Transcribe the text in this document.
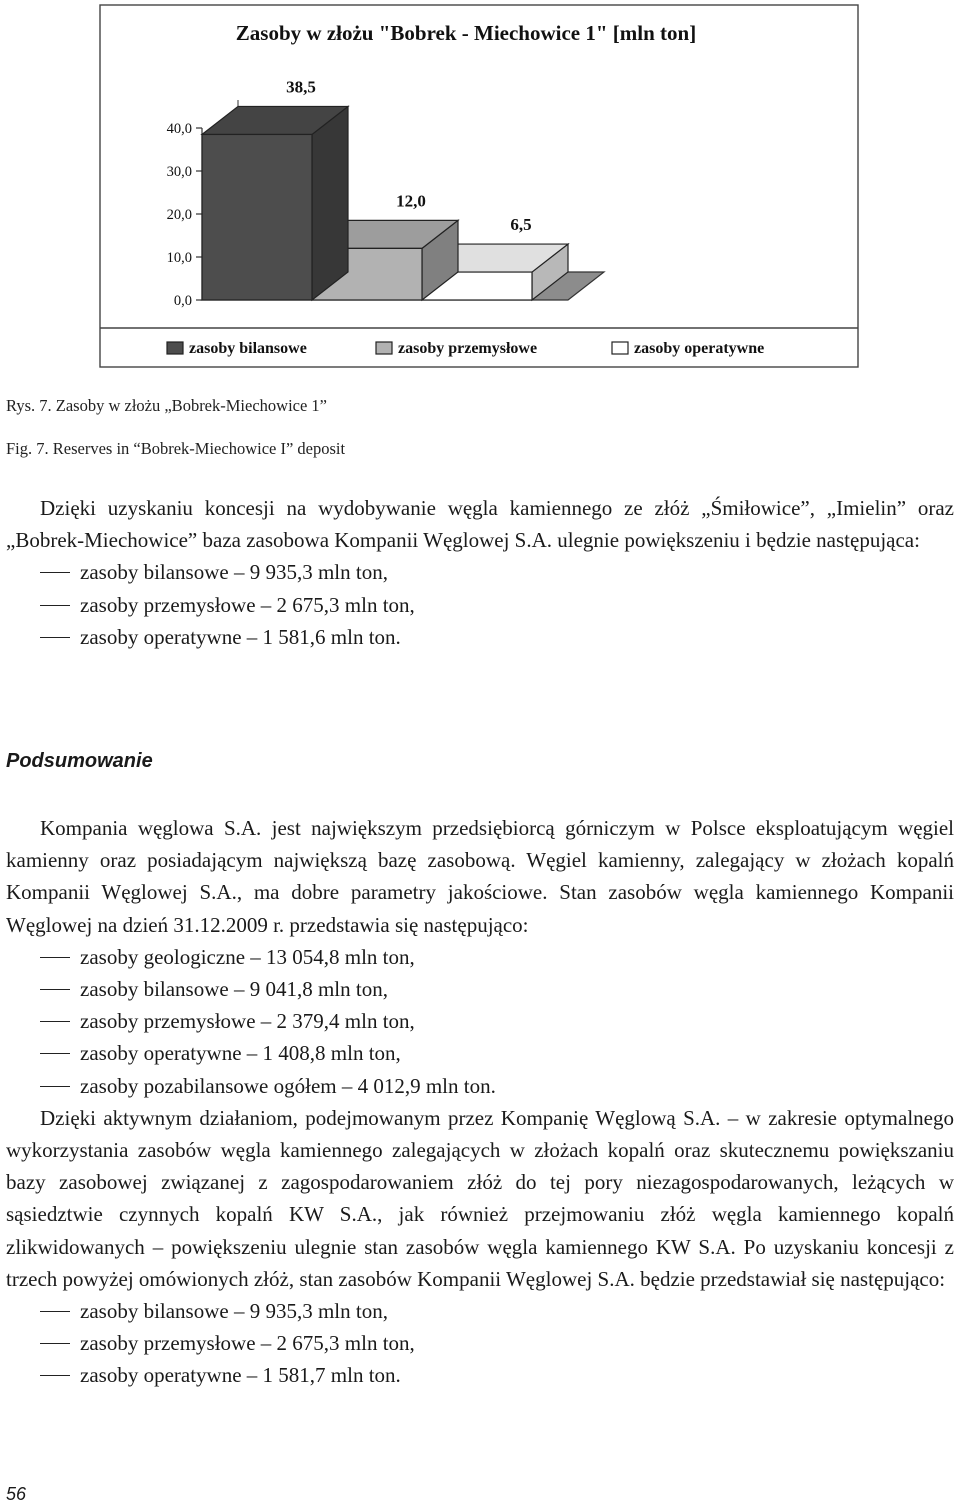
Zasoby w złożu "Bobrek - Miechowice 1" [mln ton]
0,0
10,0
20,0
30,0
40,0
6,5
12,0
38,5
zasoby bilansowe	zasoby przemysłowe	zasoby operatywne
Rys. 7. Zasoby w złożu „Bobrek-Miechowice 1”
Fig. 7. Reserves in “Bobrek-Miechowice I” deposit

Dzięki uzyskaniu koncesji na wydobywanie węgla kamiennego ze złóż „Śmiłowice”, „Imielin” oraz „Bobrek-Miechowice” baza zasobowa Kompanii Węglowej S.A. ulegnie powiększeniu i będzie następująca:

zasoby bilansowe – 9 935,3 mln ton,
zasoby przemysłowe – 2 675,3 mln ton,
zasoby operatywne – 1 581,6 mln ton.
Podsumowanie

Kompania węglowa S.A. jest największym przedsiębiorcą górniczym w Polsce eksploatującym węgiel kamienny oraz posiadającym największą bazę zasobową. Węgiel kamienny, zalegający w złożach kopalń Kompanii Węglowej S.A., ma dobre parametry jakościowe. Stan zasobów węgla kamiennego Kompanii Węglowej na dzień 31.12.2009 r. przedstawia się następująco:

zasoby geologiczne – 13 054,8 mln ton,
zasoby bilansowe – 9 041,8 mln ton,
zasoby przemysłowe – 2 379,4 mln ton,
zasoby operatywne – 1 408,8 mln ton,
zasoby pozabilansowe ogółem – 4 012,9 mln ton.

Dzięki aktywnym działaniom, podejmowanym przez Kompanię Węglową S.A. – w zakresie optymalnego wykorzystania zasobów węgla kamiennego zalegających w złożach kopalń oraz skutecznemu powiększaniu bazy zasobowej związanej z zagospodarowaniem złóż do tej pory niezagospodarowanych, leżących w sąsiedztwie czynnych kopalń KW S.A., jak również przejmowaniu złóż węgla kamiennego kopalń zlikwidowanych – powiększeniu ulegnie stan zasobów węgla kamiennego KW S.A. Po uzyskaniu koncesji z trzech powyżej omówionych złóż, stan zasobów Kompanii Węglowej S.A. będzie przedstawiał się następująco:

zasoby bilansowe – 9 935,3 mln ton,
zasoby przemysłowe – 2 675,3 mln ton,
zasoby operatywne – 1 581,7 mln ton.
56
